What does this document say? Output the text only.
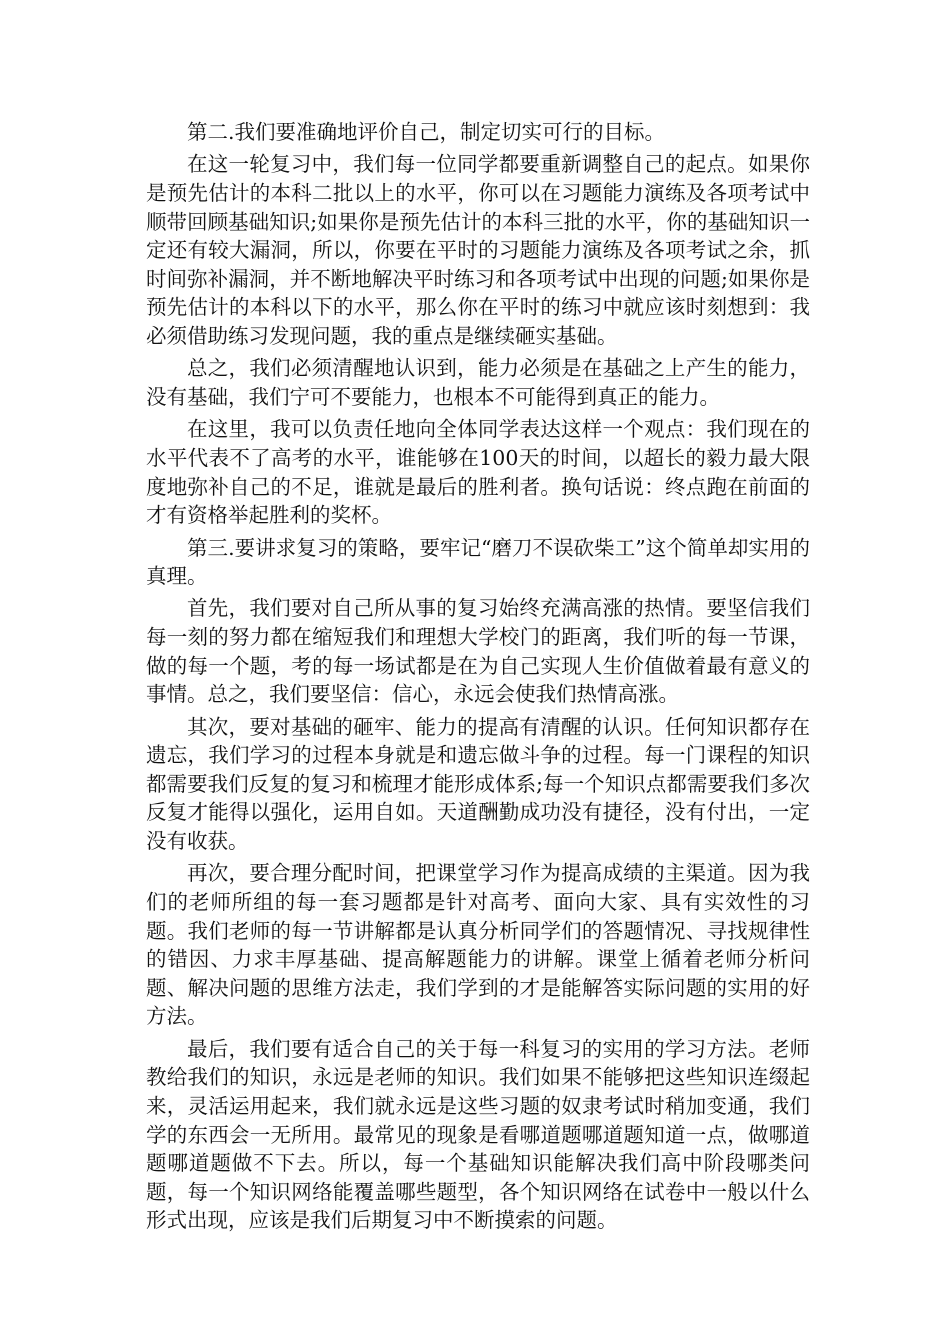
第二.我们要准确地评价自己，制定切实可行的目标。

在这一轮复习中，我们每一位同学都要重新调整自己的起点。如果你是预先估计的本科二批以上的水平，你可以在习题能力演练及各项考试中顺带回顾基础知识;如果你是预先估计的本科三批的水平，你的基础知识一定还有较大漏洞，所以，你要在平时的习题能力演练及各项考试之余，抓时间弥补漏洞，并不断地解决平时练习和各项考试中出现的问题;如果你是预先估计的本科以下的水平，那么你在平时的练习中就应该时刻想到：我必须借助练习发现问题，我的重点是继续砸实基础。

总之，我们必须清醒地认识到，能力必须是在基础之上产生的能力，没有基础，我们宁可不要能力，也根本不可能得到真正的能力。

在这里，我可以负责任地向全体同学表达这样一个观点：我们现在的水平代表不了高考的水平，谁能够在100天的时间，以超长的毅力最大限度地弥补自己的不足，谁就是最后的胜利者。换句话说：终点跑在前面的才有资格举起胜利的奖杯。

第三.要讲求复习的策略，要牢记“磨刀不误砍柴工”这个简单却实用的真理。

首先，我们要对自己所从事的复习始终充满高涨的热情。要坚信我们每一刻的努力都在缩短我们和理想大学校门的距离，我们听的每一节课，做的每一个题，考的每一场试都是在为自己实现人生价值做着最有意义的事情。总之，我们要坚信：信心，永远会使我们热情高涨。

其次，要对基础的砸牢、能力的提高有清醒的认识。任何知识都存在遗忘，我们学习的过程本身就是和遗忘做斗争的过程。每一门课程的知识都需要我们反复的复习和梳理才能形成体系;每一个知识点都需要我们多次反复才能得以强化，运用自如。天道酬勤成功没有捷径，没有付出，一定没有收获。

再次，要合理分配时间，把课堂学习作为提高成绩的主渠道。因为我们的老师所组的每一套习题都是针对高考、面向大家、具有实效性的习题。我们老师的每一节讲解都是认真分析同学们的答题情况、寻找规律性的错因、力求丰厚基础、提高解题能力的讲解。课堂上循着老师分析问题、解决问题的思维方法走，我们学到的才是能解答实际问题的实用的好方法。

最后，我们要有适合自己的关于每一科复习的实用的学习方法。老师教给我们的知识，永远是老师的知识。我们如果不能够把这些知识连缀起来，灵活运用起来，我们就永远是这些习题的奴隶考试时稍加变通，我们学的东西会一无所用。最常见的现象是看哪道题哪道题知道一点，做哪道题哪道题做不下去。所以，每一个基础知识能解决我们高中阶段哪类问题，每一个知识网络能覆盖哪些题型，各个知识网络在试卷中一般以什么形式出现，应该是我们后期复习中不断摸索的问题。
